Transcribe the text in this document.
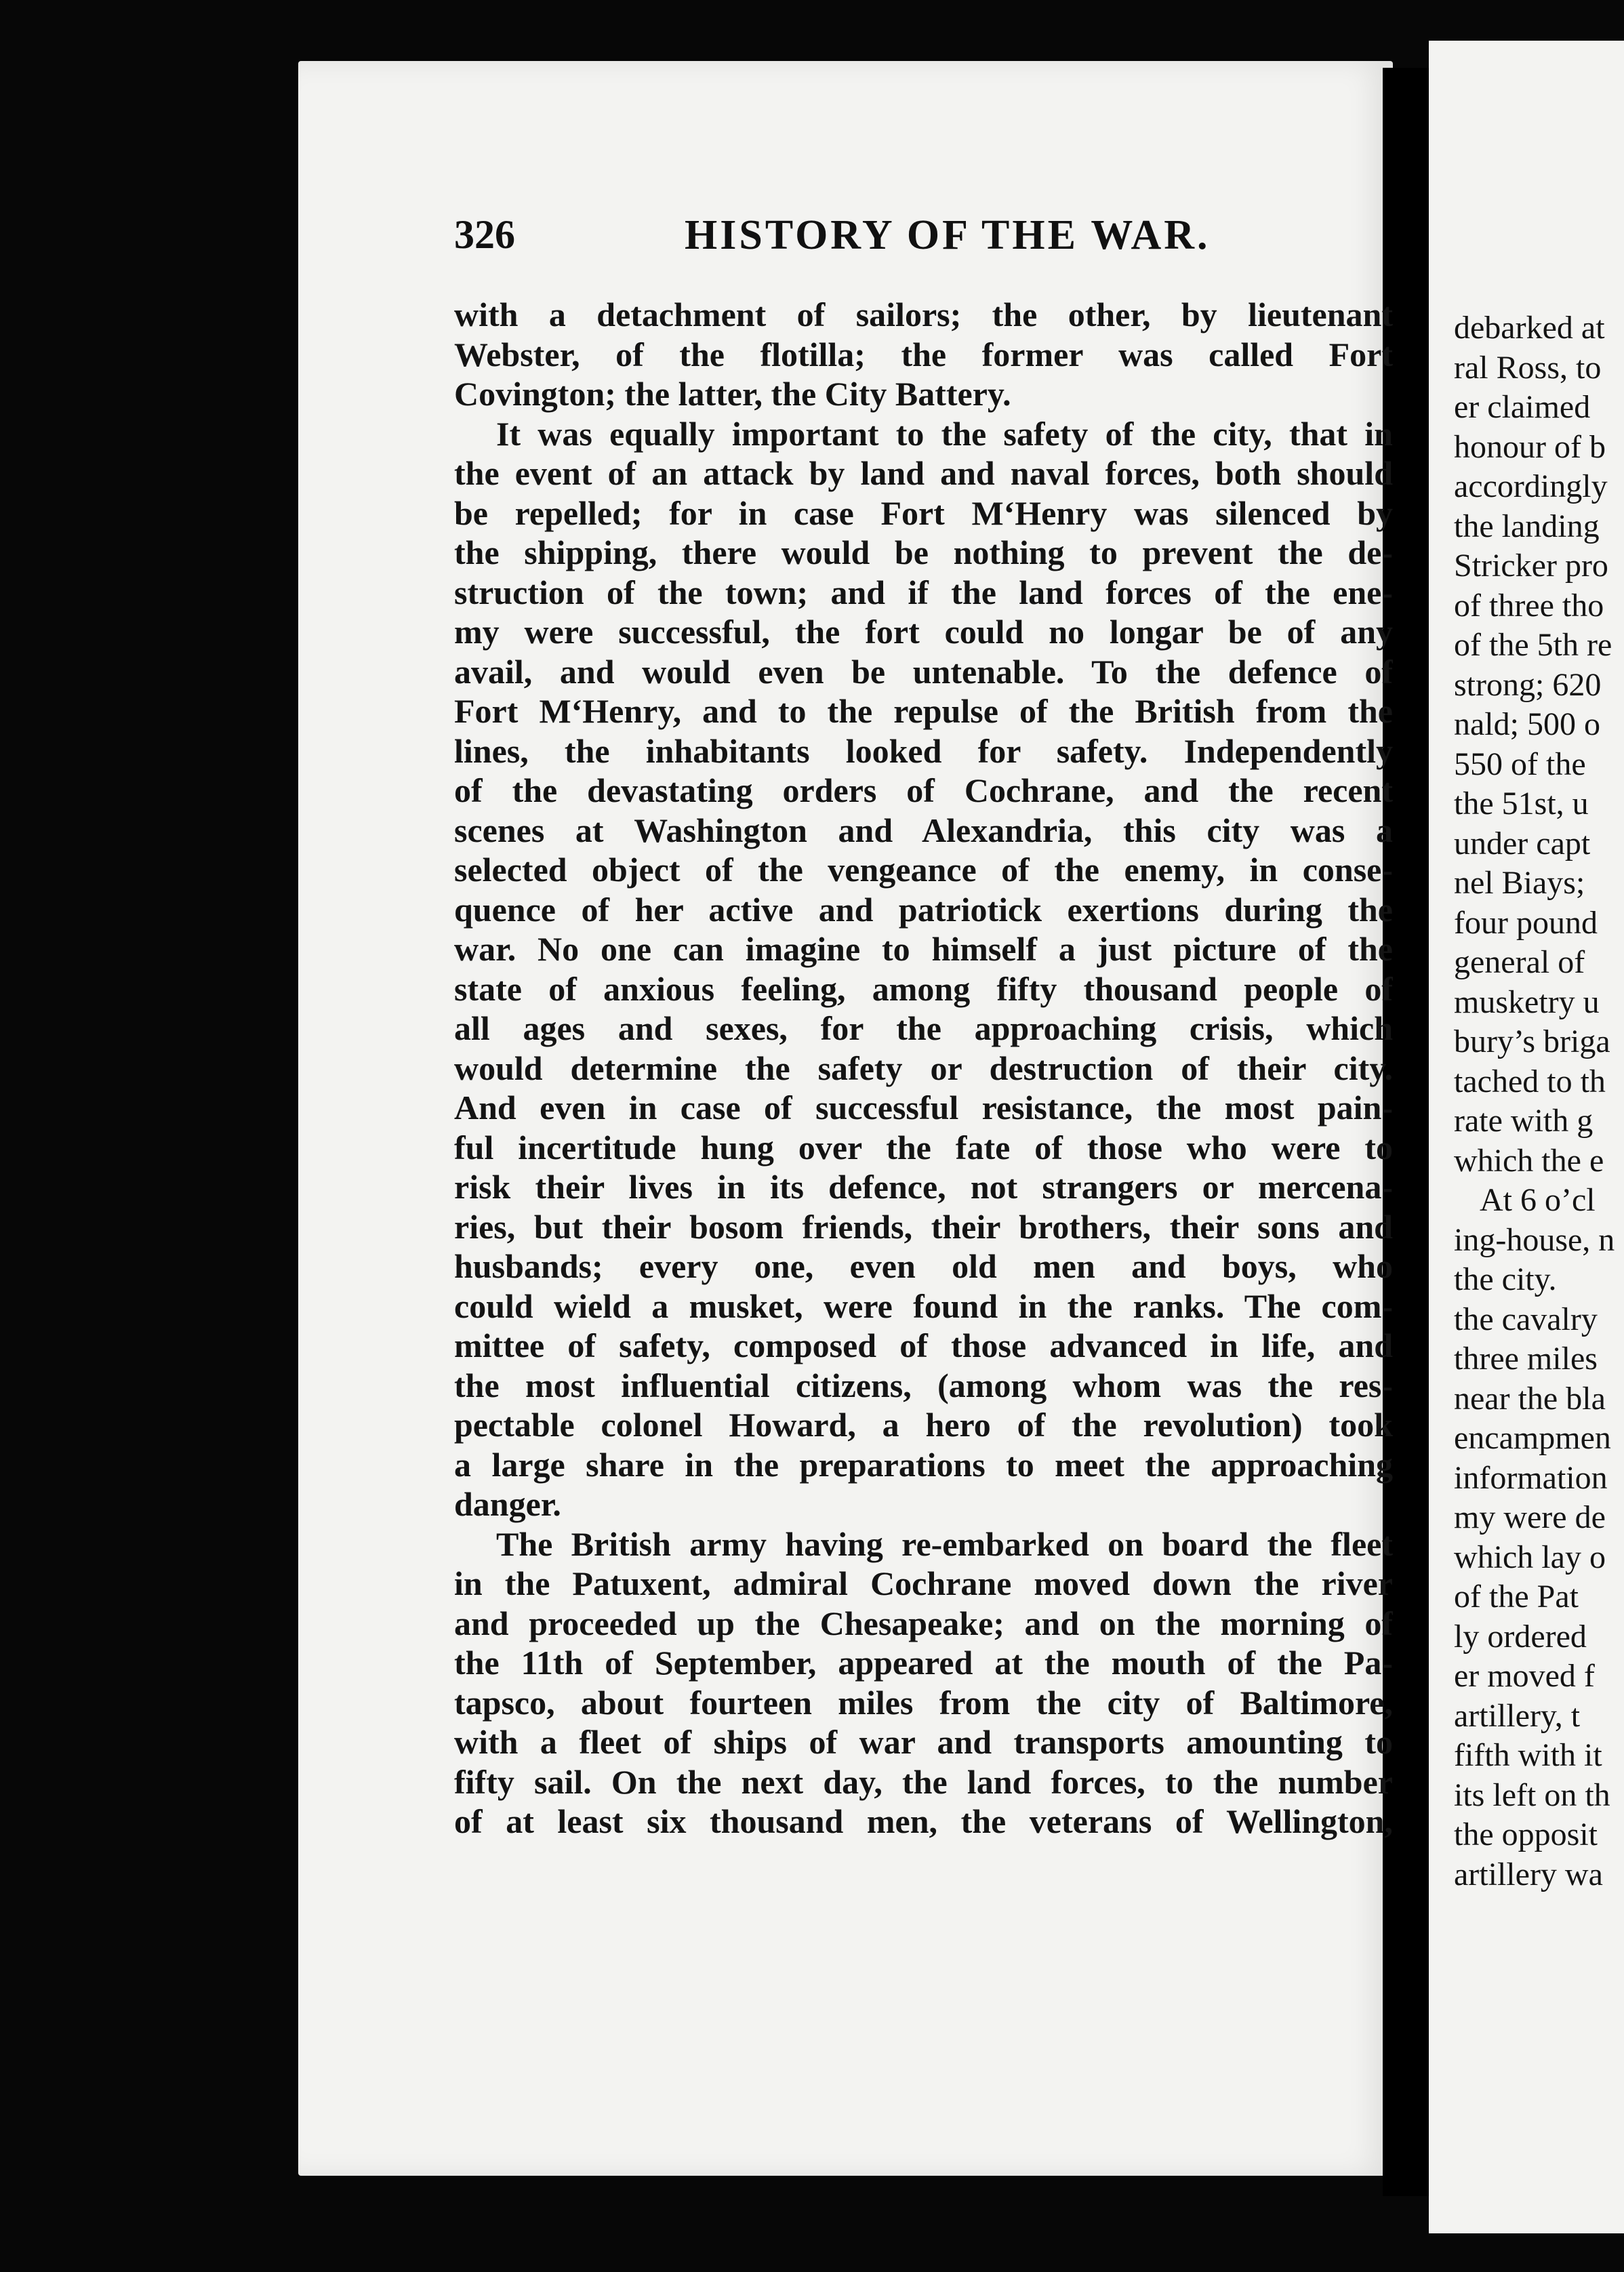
326	HISTORY OF THE WAR.
with a detachment of sailors; the other, by lieutenant
Webster, of the flotilla; the former was called Fort
Covington; the latter, the City Battery.
It was equally important to the safety of the city, that in
the event of an attack by land and naval forces, both should
be repelled; for in case Fort M‘Henry was silenced by
the shipping, there would be nothing to prevent the de-
struction of the town; and if the land forces of the ene-
my were successful, the fort could no longar be of any
avail, and would even be untenable. To the defence of
Fort M‘Henry, and to the repulse of the British from the
lines, the inhabitants looked for safety. Independently
of the devastating orders of Cochrane, and the recent
scenes at Washington and Alexandria, this city was a
selected object of the vengeance of the enemy, in conse-
quence of her active and patriotick exertions during the
war. No one can imagine to himself a just picture of the
state of anxious feeling, among fifty thousand people of
all ages and sexes, for the approaching crisis, which
would determine the safety or destruction of their city.
And even in case of successful resistance, the most pain-
ful incertitude hung over the fate of those who were to
risk their lives in its defence, not strangers or mercena-
ries, but their bosom friends, their brothers, their sons and
husbands; every one, even old men and boys, who
could wield a musket, were found in the ranks. The com-
mittee of safety, composed of those advanced in life, and
the most influential citizens, (among whom was the res-
pectable colonel Howard, a hero of the revolution) took
a large share in the preparations to meet the approaching
danger.
The British army having re-embarked on board the fleet
in the Patuxent, admiral Cochrane moved down the river
and proceeded up the Chesapeake; and on the morning of
the 11th of September, appeared at the mouth of the Pa-
tapsco, about fourteen miles from the city of Baltimore,
with a fleet of ships of war and transports amounting to
fifty sail. On the next day, the land forces, to the number
of at least six thousand men, the veterans of Wellington,
debarked at
ral Ross, to
er claimed
honour of b
accordingly
the landing
Stricker pro
of three tho
of the 5th re
strong; 620
nald; 500 o
550 of the
the 51st, u
under capt
nel Biays;
four pound
general of
musketry u
bury’s briga
tached to th
rate with g
which the e
At 6 o’cl
ing-house, n
the city.
the cavalry
three miles
near the bla
encampmen
information
my were de
which lay o
of the Pat
ly ordered
er moved f
artillery, t
fifth with it
its left on th
the opposit
artillery wa
